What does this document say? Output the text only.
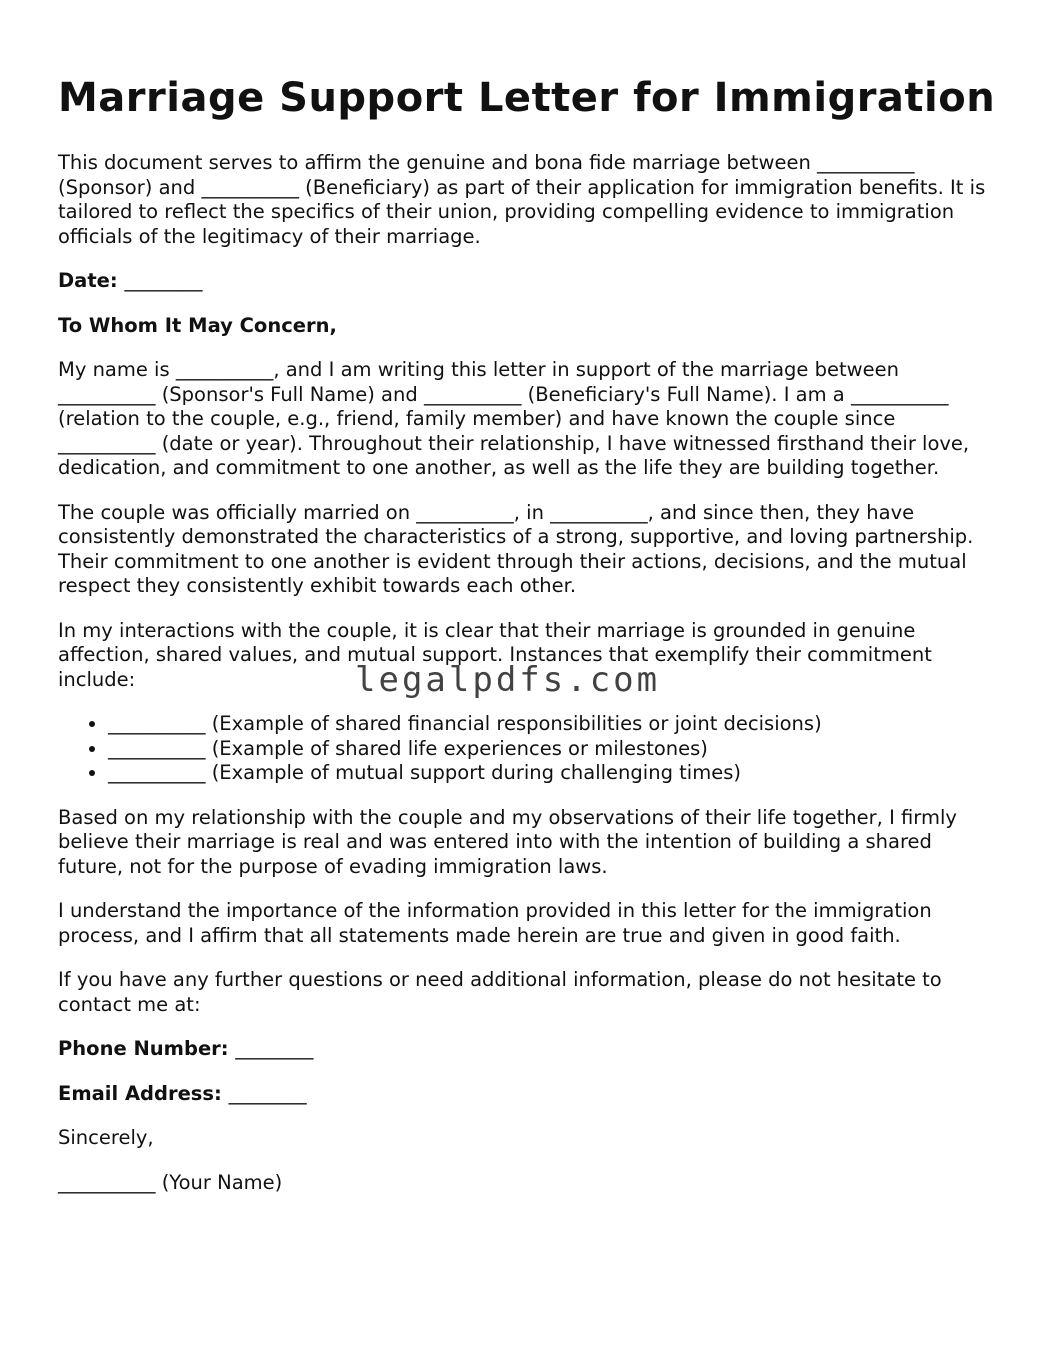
Marriage Support Letter for Immigration

This document serves to affirm the genuine and bona fide marriage between __________ (Sponsor) and __________ (Beneficiary) as part of their application for immigration benefits. It is tailored to reflect the specifics of their union, providing compelling evidence to immigration officials of the legitimacy of their marriage.

Date: ________

To Whom It May Concern,

My name is __________, and I am writing this letter in support of the marriage between __________ (Sponsor's Full Name) and __________ (Beneficiary's Full Name). I am a __________ (relation to the couple, e.g., friend, family member) and have known the couple since __________ (date or year). Throughout their relationship, I have witnessed firsthand their love, dedication, and commitment to one another, as well as the life they are building together.

The couple was officially married on __________, in __________, and since then, they have consistently demonstrated the characteristics of a strong, supportive, and loving partnership. Their commitment to one another is evident through their actions, decisions, and the mutual respect they consistently exhibit towards each other.

In my interactions with the couple, it is clear that their marriage is grounded in genuine affection, shared values, and mutual support. Instances that exemplify their commitment include:

• __________ (Example of shared financial responsibilities or joint decisions)
• __________ (Example of shared life experiences or milestones)
• __________ (Example of mutual support during challenging times)

Based on my relationship with the couple and my observations of their life together, I firmly believe their marriage is real and was entered into with the intention of building a shared future, not for the purpose of evading immigration laws.

I understand the importance of the information provided in this letter for the immigration process, and I affirm that all statements made herein are true and given in good faith.

If you have any further questions or need additional information, please do not hesitate to contact me at:

Phone Number: ________

Email Address: ________

Sincerely,

__________ (Your Name)

legalpdfs.com
